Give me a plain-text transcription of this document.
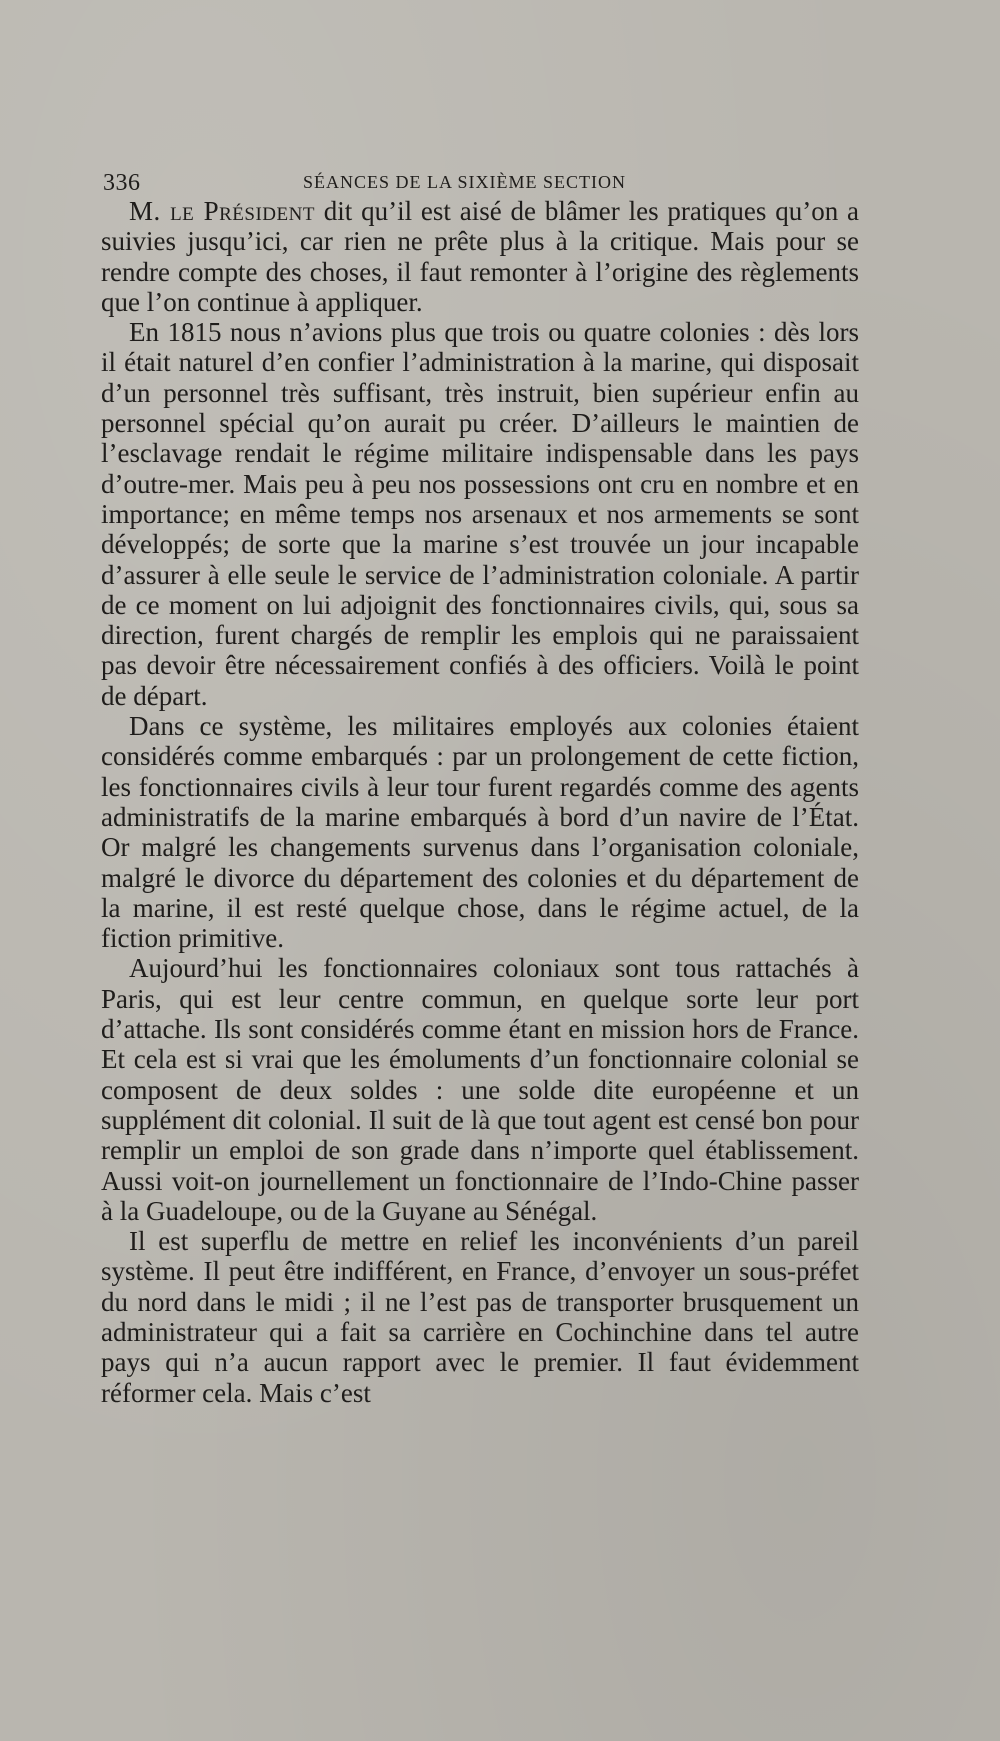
336	SÉANCES DE LA SIXIÈME SECTION

M. le Président dit qu’il est aisé de blâmer les pratiques qu’on a suivies jusqu’ici, car rien ne prête plus à la critique. Mais pour se rendre compte des choses, il faut remonter à l’origine des règlements que l’on continue à appliquer.

En 1815 nous n’avions plus que trois ou quatre colonies : dès lors il était naturel d’en confier l’administration à la marine, qui disposait d’un personnel très suffisant, très instruit, bien supérieur enfin au personnel spécial qu’on aurait pu créer. D’ailleurs le maintien de l’esclavage rendait le régime militaire indispensable dans les pays d’outre-mer. Mais peu à peu nos possessions ont cru en nombre et en importance; en même temps nos arsenaux et nos armements se sont développés; de sorte que la marine s’est trouvée un jour incapable d’assurer à elle seule le service de l’administration coloniale. A partir de ce moment on lui adjoignit des fonctionnaires civils, qui, sous sa direction, furent chargés de remplir les emplois qui ne paraissaient pas devoir être nécessairement confiés à des officiers. Voilà le point de départ.

Dans ce système, les militaires employés aux colonies étaient considérés comme embarqués : par un prolongement de cette fiction, les fonctionnaires civils à leur tour furent regardés comme des agents administratifs de la marine embarqués à bord d’un navire de l’État. Or malgré les changements survenus dans l’organisation coloniale, malgré le divorce du département des colonies et du département de la marine, il est resté quelque chose, dans le régime actuel, de la fiction primitive.

Aujourd’hui les fonctionnaires coloniaux sont tous rattachés à Paris, qui est leur centre commun, en quelque sorte leur port d’attache. Ils sont considérés comme étant en mission hors de France. Et cela est si vrai que les émoluments d’un fonctionnaire colonial se composent de deux soldes : une solde dite européenne et un supplément dit colonial. Il suit de là que tout agent est censé bon pour remplir un emploi de son grade dans n’importe quel établissement. Aussi voit-on journellement un fonctionnaire de l’Indo-Chine passer à la Guadeloupe, ou de la Guyane au Sénégal.

Il est superflu de mettre en relief les inconvénients d’un pareil système. Il peut être indifférent, en France, d’envoyer un sous-préfet du nord dans le midi ; il ne l’est pas de transporter brusquement un administrateur qui a fait sa carrière en Cochinchine dans tel autre pays qui n’a aucun rapport avec le premier. Il faut évidemment réformer cela. Mais c’est
